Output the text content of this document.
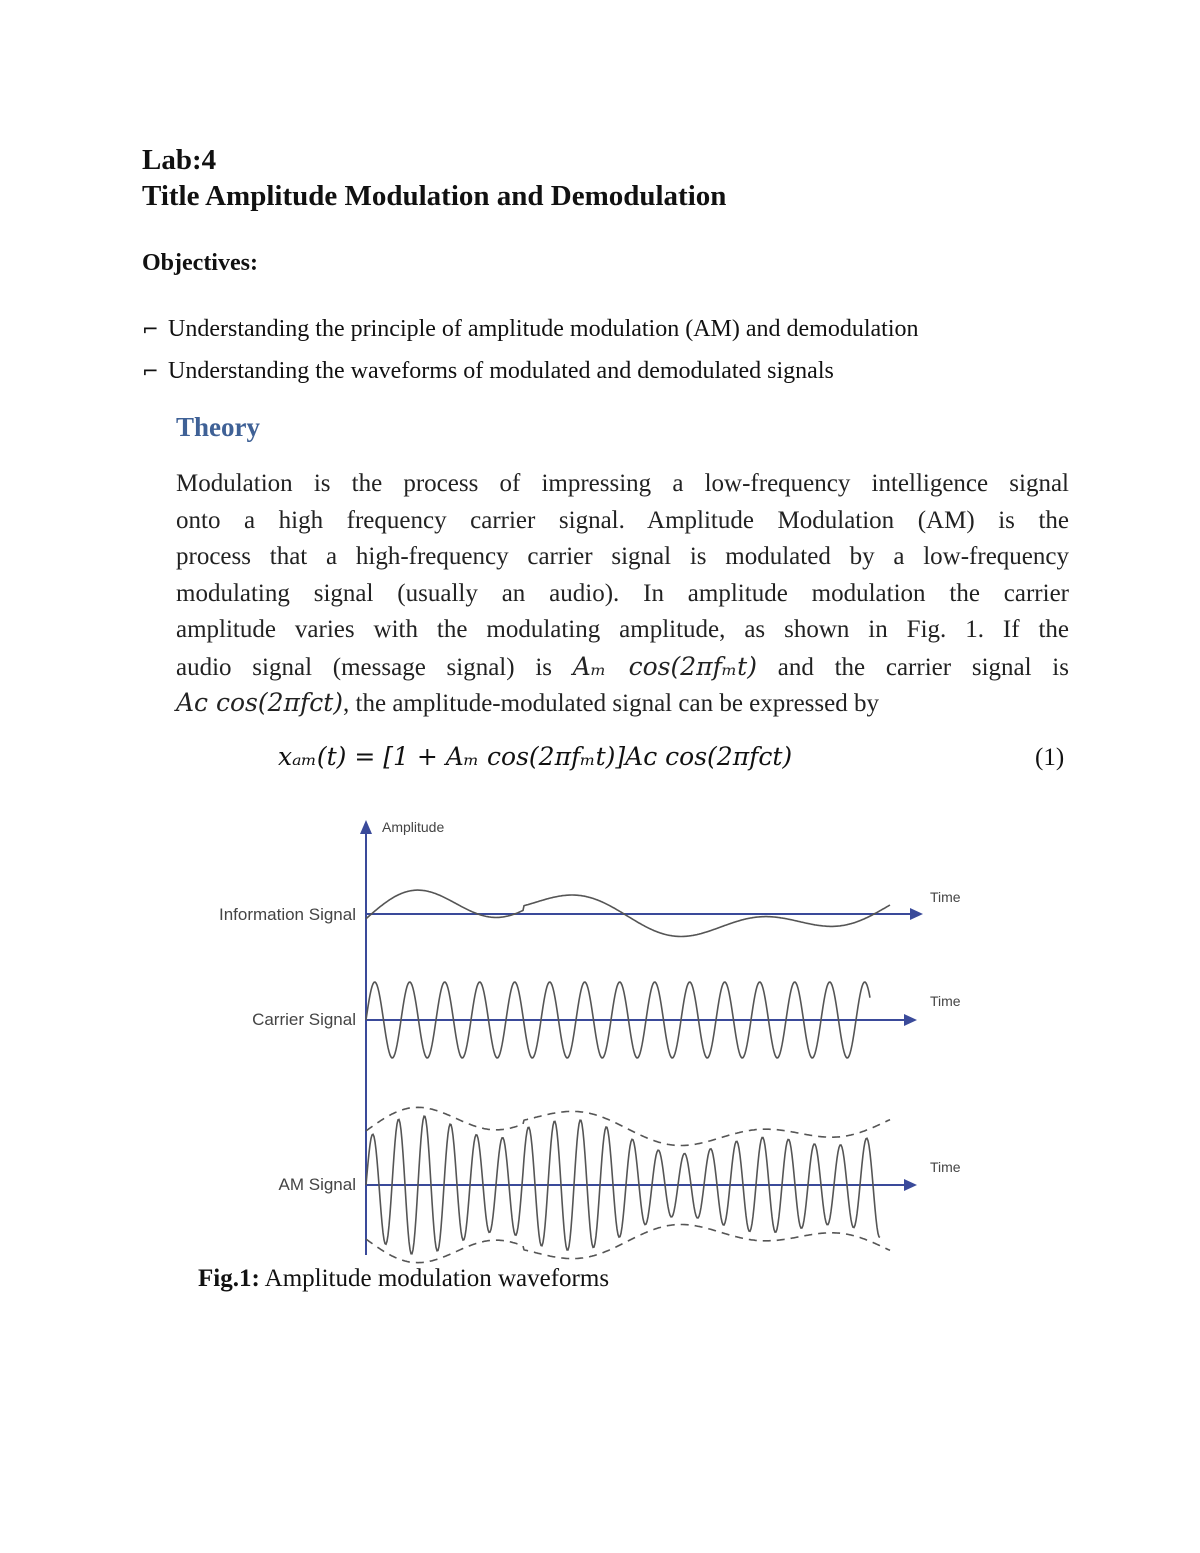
Lab:4
Title Amplitude Modulation and Demodulation
Objectives:
⌐ Understanding the principle of amplitude modulation (AM) and demodulation
⌐ Understanding the waveforms of modulated and demodulated signals
Theory
Modulation is the process of impressing a low-frequency intelligence signal
onto a high frequency carrier signal. Amplitude Modulation (AM) is the
process that a high-frequency carrier signal is modulated by a low-frequency
modulating signal (usually an audio). In amplitude modulation the carrier
amplitude varies with the modulating amplitude, as shown in Fig. 1. If the
audio signal (message signal) is Aₘ cos(2πfₘt) and the carrier signal is
Aᴄ cos(2πfᴄt), the amplitude-modulated signal can be expressed by
xₐₘ(t) = [1 + Aₘ cos(2πfₘt)]Aᴄ cos(2πfᴄt)	(1)
Amplitude
Time
Time
Time
Information Signal
Carrier Signal
AM Signal
Fig.1: Amplitude modulation waveforms
